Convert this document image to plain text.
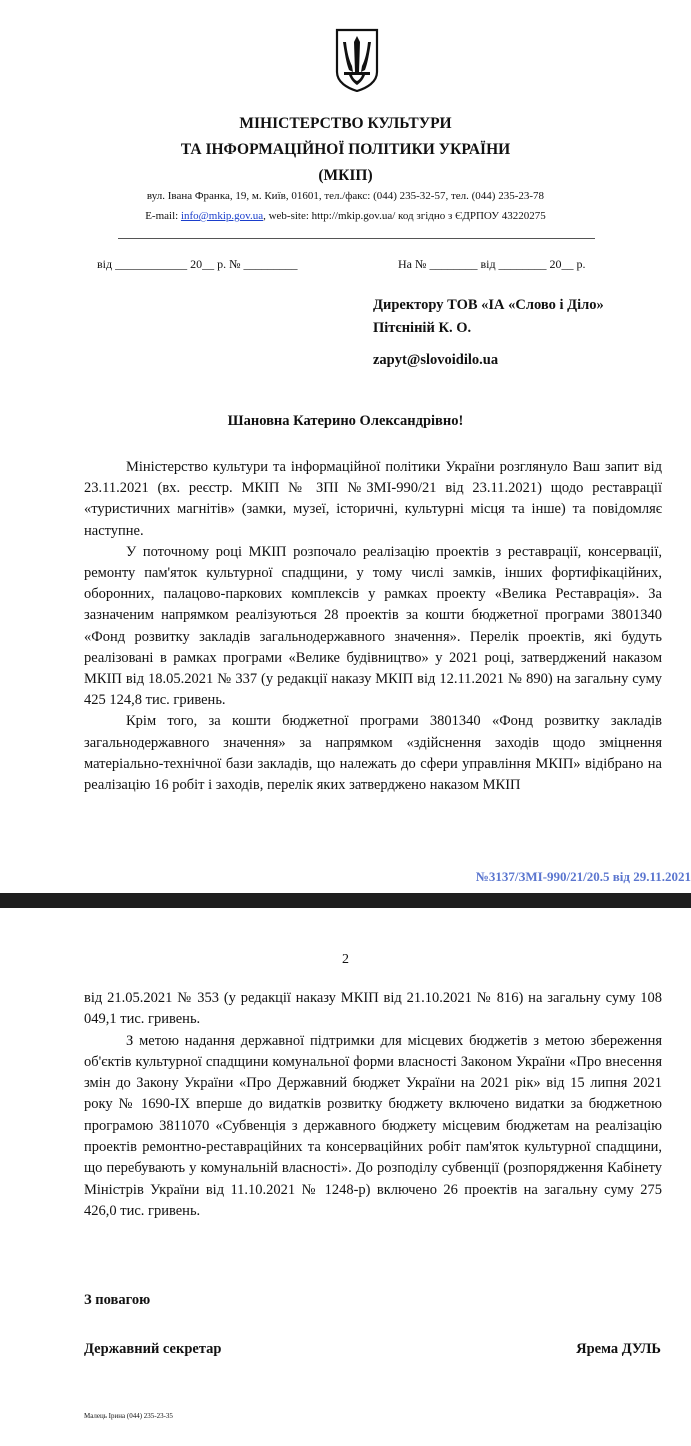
МІНІСТЕРСТВО КУЛЬТУРИ
ТА ІНФОРМАЦІЙНОЇ ПОЛІТИКИ УКРАЇНИ
(МКІП)
вул. Івана Франка, 19, м. Київ, 01601, тел./факс: (044) 235-32-57, тел. (044) 235-23-78
E-mail: info@mkip.gov.ua, web-site: http://mkip.gov.ua/ код згідно з ЄДРПОУ 43220275
від ____________ 20__ р. № _________	На № ________ від ________ 20__ р.
Директору ТОВ «ІА «Слово і Діло»
Пітєніній К. О.
zapyt@slovoidilo.ua
Шановна Катерино Олександрівно!

Міністерство культури та інформаційної політики України розглянуло Ваш запит від 23.11.2021 (вх. реєстр. МКІП № ЗПІ №ЗМІ-990/21 від 23.11.2021) щодо реставрації «туристичних магнітів» (замки, музеї, історичні, культурні місця та інше) та повідомляє наступне.

У поточному році МКІП розпочало реалізацію проектів з реставрації, консервації, ремонту пам'яток культурної спадщини, у тому числі замків, інших фортифікаційних, оборонних, палацово-паркових комплексів у рамках проекту «Велика Реставрація». За зазначеним напрямком реалізуються 28 проектів за кошти бюджетної програми 3801340 «Фонд розвитку закладів загальнодержавного значення». Перелік проектів, які будуть реалізовані в рамках програми «Велике будівництво» у 2021 році, затверджений наказом МКІП від 18.05.2021 № 337 (у редакції наказу МКІП від 12.11.2021 № 890) на загальну суму 425 124,8 тис. гривень.

Крім того, за кошти бюджетної програми 3801340 «Фонд розвитку закладів загальнодержавного значення» за напрямком «здійснення заходів щодо зміцнення матеріально-технічної бази закладів, що належать до сфери управління МКІП» відібрано на реалізацію 16 робіт і заходів, перелік яких затверджено наказом МКІП

№3137/ЗМІ-990/21/20.5 від 29.11.2021
2

від 21.05.2021 № 353 (у редакції наказу МКІП від 21.10.2021 № 816) на загальну суму 108 049,1 тис. гривень.

З метою надання державної підтримки для місцевих бюджетів з метою збереження об'єктів культурної спадщини комунальної форми власності Законом України «Про внесення змін до Закону України «Про Державний бюджет України на 2021 рік» від 15 липня 2021 року № 1690-ІХ вперше до видатків розвитку бюджету включено видатки за бюджетною програмою 3811070 «Субвенція з державного бюджету місцевим бюджетам на реалізацію проектів ремонтно-реставраційних та консерваційних робіт пам'яток культурної спадщини, що перебувають у комунальній власності». До розподілу субвенції (розпорядження Кабінету Міністрів України від 11.10.2021 № 1248-р) включено 26 проектів на загальну суму 275 426,0 тис. гривень.

З повагою
Державний секретар	Ярема ДУЛЬ
Малець Ірина (044) 235-23-35
